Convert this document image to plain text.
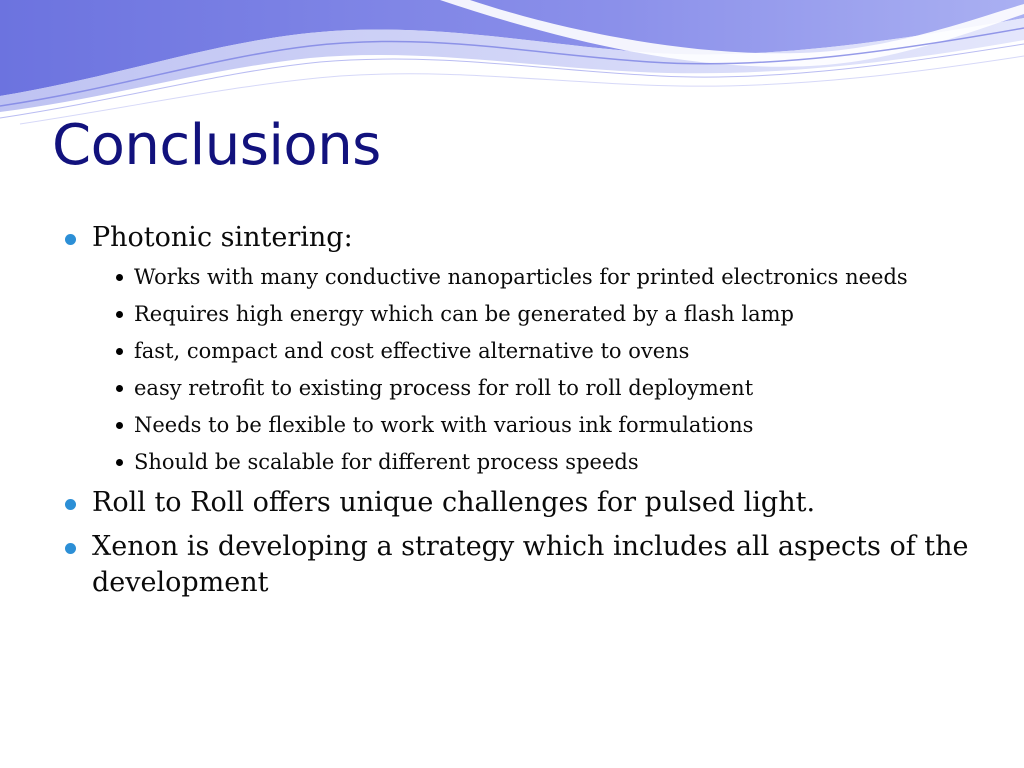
Conclusions
Photonic sintering:
Works with many conductive nanoparticles for printed electronics needs
Requires high energy which can be generated by a flash lamp
fast, compact and cost effective alternative to ovens
easy retrofit to existing process for roll to roll deployment
Needs to be flexible to work with various ink formulations
Should be scalable for different process speeds
Roll to Roll offers unique challenges for pulsed light.
Xenon is developing a strategy which includes all aspects of the development
